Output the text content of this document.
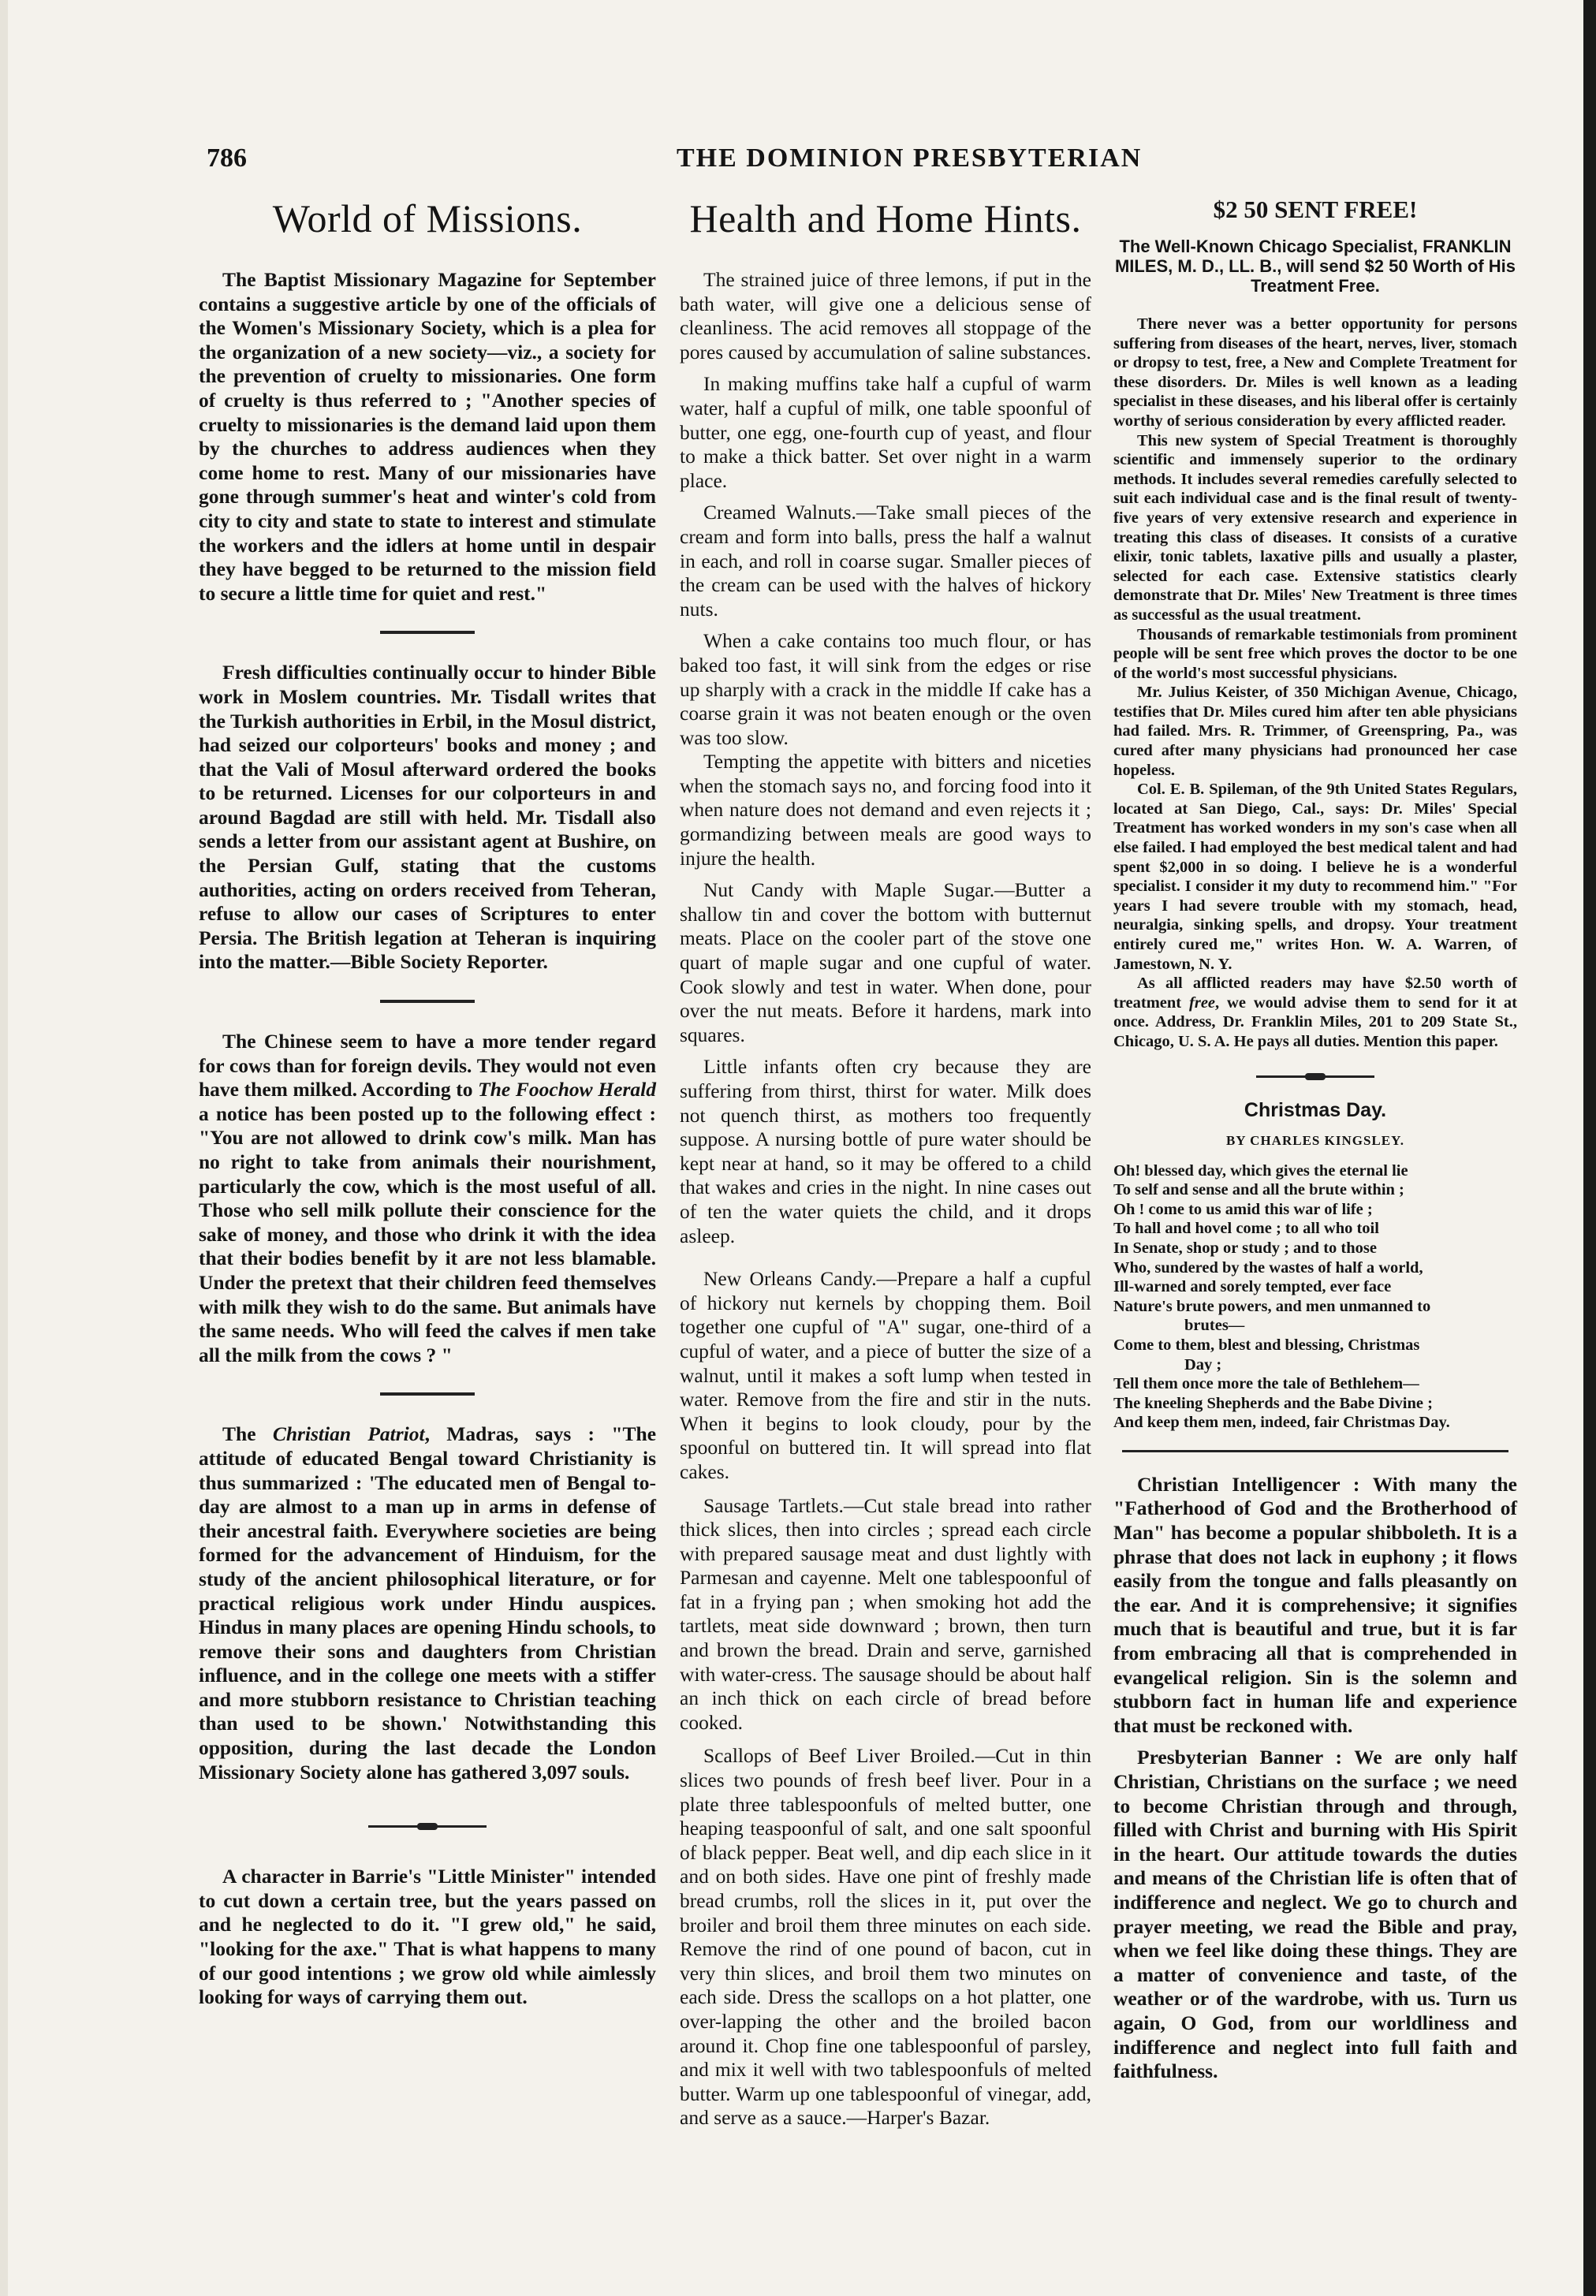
786	THE DOMINION PRESBYTERIAN
World of Missions.

The Baptist Missionary Magazine for September contains a suggestive article by one of the officials of the Women's Missionary Society, which is a plea for the organization of a new society—viz., a society for the prevention of cruelty to missionaries. One form of cruelty is thus referred to ; "Another species of cruelty to missionaries is the demand laid upon them by the churches to address audiences when they come home to rest. Many of our missionaries have gone through summer's heat and winter's cold from city to city and state to state to interest and stimulate the workers and the idlers at home until in despair they have begged to be returned to the mission field to secure a little time for quiet and rest."

Fresh difficulties continually occur to hinder Bible work in Moslem countries. Mr. Tisdall writes that the Turkish authorities in Erbil, in the Mosul district, had seized our colporteurs' books and money ; and that the Vali of Mosul afterward ordered the books to be returned. Licenses for our colporteurs in and around Bagdad are still with held. Mr. Tisdall also sends a letter from our assistant agent at Bushire, on the Persian Gulf, stating that the customs authorities, acting on orders received from Teheran, refuse to allow our cases of Scriptures to enter Persia. The British legation at Teheran is inquiring into the matter.—Bible Society Reporter.

The Chinese seem to have a more tender regard for cows than for foreign devils. They would not even have them milked. According to The Foochow Herald a notice has been posted up to the following effect : "You are not allowed to drink cow's milk. Man has no right to take from animals their nourishment, particularly the cow, which is the most useful of all. Those who sell milk pollute their conscience for the sake of money, and those who drink it with the idea that their bodies benefit by it are not less blamable. Under the pretext that their children feed themselves with milk they wish to do the same. But animals have the same needs. Who will feed the calves if men take all the milk from the cows ? "

The Christian Patriot, Madras, says : "The attitude of educated Bengal toward Christianity is thus summarized : 'The educated men of Bengal to-day are almost to a man up in arms in defense of their ancestral faith. Everywhere societies are being formed for the advancement of Hinduism, for the study of the ancient philosophical literature, or for practical religious work under Hindu auspices. Hindus in many places are opening Hindu schools, to remove their sons and daughters from Christian influence, and in the college one meets with a stiffer and more stubborn resistance to Christian teaching than used to be shown.' Notwithstanding this opposition, during the last decade the London Missionary Society alone has gathered 3,097 souls.

A character in Barrie's "Little Minister" intended to cut down a certain tree, but the years passed on and he neglected to do it. "I grew old," he said, "looking for the axe." That is what happens to many of our good intentions ; we grow old while aimlessly looking for ways of carrying them out.

Health and Home Hints.

The strained juice of three lemons, if put in the bath water, will give one a delicious sense of cleanliness. The acid removes all stoppage of the pores caused by accumulation of saline substances.

In making muffins take half a cupful of warm water, half a cupful of milk, one table spoonful of butter, one egg, one-fourth cup of yeast, and flour to make a thick batter. Set over night in a warm place.

Creamed Walnuts.—Take small pieces of the cream and form into balls, press the half a walnut in each, and roll in coarse sugar. Smaller pieces of the cream can be used with the halves of hickory nuts.

When a cake contains too much flour, or has baked too fast, it will sink from the edges or rise up sharply with a crack in the middle If cake has a coarse grain it was not beaten enough or the oven was too slow.

Tempting the appetite with bitters and niceties when the stomach says no, and forcing food into it when nature does not demand and even rejects it ; gormandizing between meals are good ways to injure the health.

Nut Candy with Maple Sugar.—Butter a shallow tin and cover the bottom with butternut meats. Place on the cooler part of the stove one quart of maple sugar and one cupful of water. Cook slowly and test in water. When done, pour over the nut meats. Before it hardens, mark into squares.

Little infants often cry because they are suffering from thirst, thirst for water. Milk does not quench thirst, as mothers too frequently suppose. A nursing bottle of pure water should be kept near at hand, so it may be offered to a child that wakes and cries in the night. In nine cases out of ten the water quiets the child, and it drops asleep.

New Orleans Candy.—Prepare a half a cupful of hickory nut kernels by chopping them. Boil together one cupful of "A" sugar, one-third of a cupful of water, and a piece of butter the size of a walnut, until it makes a soft lump when tested in water. Remove from the fire and stir in the nuts. When it begins to look cloudy, pour by the spoonful on buttered tin. It will spread into flat cakes.

Sausage Tartlets.—Cut stale bread into rather thick slices, then into circles ; spread each circle with prepared sausage meat and dust lightly with Parmesan and cayenne. Melt one tablespoonful of fat in a frying pan ; when smoking hot add the tartlets, meat side downward ; brown, then turn and brown the bread. Drain and serve, garnished with water-cress. The sausage should be about half an inch thick on each circle of bread before cooked.

Scallops of Beef Liver Broiled.—Cut in thin slices two pounds of fresh beef liver. Pour in a plate three tablespoonfuls of melted butter, one heaping teaspoonful of salt, and one salt spoonful of black pepper. Beat well, and dip each slice in it and on both sides. Have one pint of freshly made bread crumbs, roll the slices in it, put over the broiler and broil them three minutes on each side. Remove the rind of one pound of bacon, cut in very thin slices, and broil them two minutes on each side. Dress the scallops on a hot platter, one over-lapping the other and the broiled bacon around it. Chop fine one tablespoonful of parsley, and mix it well with two tablespoonfuls of melted butter. Warm up one tablespoonful of vinegar, add, and serve as a sauce.—Harper's Bazar.

$2 50 SENT FREE!

The Well-Known Chicago Specialist, FRANKLIN MILES, M. D., LL. B., will send $2 50 Worth of His Treatment Free.

There never was a better opportunity for persons suffering from diseases of the heart, nerves, liver, stomach or dropsy to test, free, a New and Complete Treatment for these disorders. Dr. Miles is well known as a leading specialist in these diseases, and his liberal offer is certainly worthy of serious consideration by every afflicted reader.

This new system of Special Treatment is thoroughly scientific and immensely superior to the ordinary methods. It includes several remedies carefully selected to suit each individual case and is the final result of twenty-five years of very extensive research and experience in treating this class of diseases. It consists of a curative elixir, tonic tablets, laxative pills and usually a plaster, selected for each case. Extensive statistics clearly demonstrate that Dr. Miles' New Treatment is three times as successful as the usual treatment.

Thousands of remarkable testimonials from prominent people will be sent free which proves the doctor to be one of the world's most successful physicians.

Mr. Julius Keister, of 350 Michigan Avenue, Chicago, testifies that Dr. Miles cured him after ten able physicians had failed. Mrs. R. Trimmer, of Greenspring, Pa., was cured after many physicians had pronounced her case hopeless.

Col. E. B. Spileman, of the 9th United States Regulars, located at San Diego, Cal., says: Dr. Miles' Special Treatment has worked wonders in my son's case when all else failed. I had employed the best medical talent and had spent $2,000 in so doing. I believe he is a wonderful specialist. I consider it my duty to recommend him." "For years I had severe trouble with my stomach, head, neuralgia, sinking spells, and dropsy. Your treatment entirely cured me," writes Hon. W. A. Warren, of Jamestown, N. Y.

As all afflicted readers may have $2.50 worth of treatment free, we would advise them to send for it at once. Address, Dr. Franklin Miles, 201 to 209 State St., Chicago, U. S. A. He pays all duties. Mention this paper.

Christmas Day.

BY CHARLES KINGSLEY.

Oh! blessed day, which gives the eternal lie

To self and sense and all the brute within ;

Oh ! come to us amid this war of life ;

To hall and hovel come ; to all who toil

In Senate, shop or study ; and to those

Who, sundered by the wastes of half a world,

Ill-warned and sorely tempted, ever face

Nature's brute powers, and men unmanned to

brutes—

Come to them, blest and blessing, Christmas

Day ;

Tell them once more the tale of Bethlehem—

The kneeling Shepherds and the Babe Divine ;

And keep them men, indeed, fair Christmas Day.

Christian Intelligencer : With many the "Fatherhood of God and the Brotherhood of Man" has become a popular shibboleth. It is a phrase that does not lack in euphony ; it flows easily from the tongue and falls pleasantly on the ear. And it is comprehensive; it signifies much that is beautiful and true, but it is far from embracing all that is comprehended in evangelical religion. Sin is the solemn and stubborn fact in human life and experience that must be reckoned with.

Presbyterian Banner : We are only half Christian, Christians on the surface ; we need to become Christian through and through, filled with Christ and burning with His Spirit in the heart. Our attitude towards the duties and means of the Christian life is often that of indifference and neglect. We go to church and prayer meeting, we read the Bible and pray, when we feel like doing these things. They are a matter of convenience and taste, of the weather or of the wardrobe, with us. Turn us again, O God, from our worldliness and indifference and neglect into full faith and faithfulness.
